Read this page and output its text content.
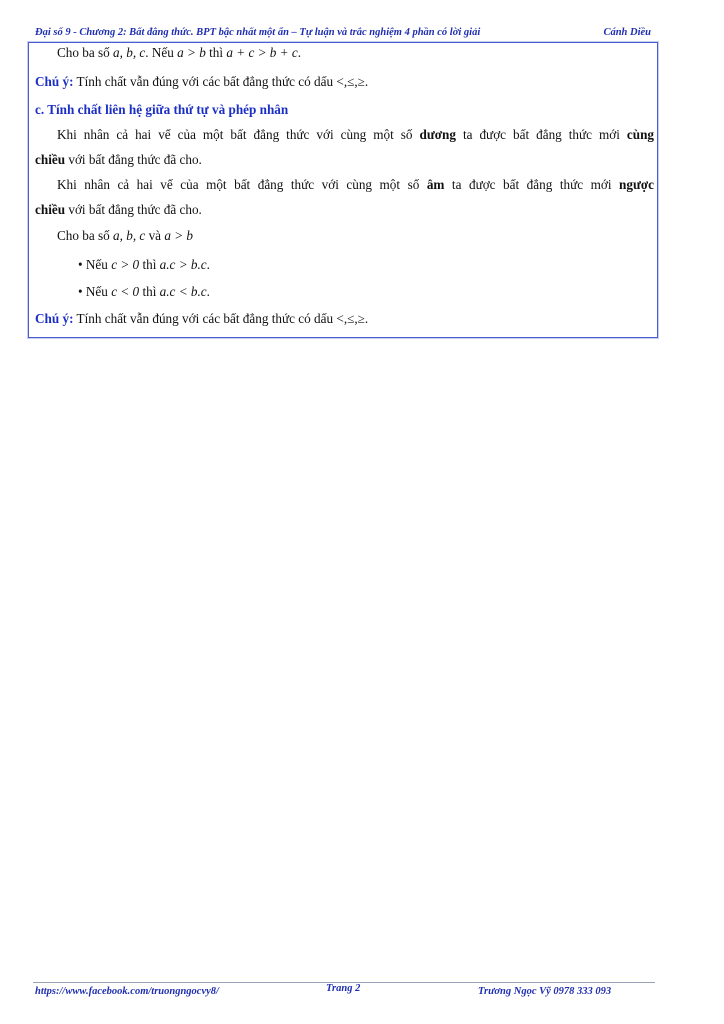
Đại số 9 - Chương 2: Bất đẳng thức. BPT bậc nhất một ẩn – Tự luận và trắc nghiệm 4 phần có lời giải	Cánh Diều
Cho ba số a, b, c. Nếu a > b thì a + c > b + c.
Chú ý: Tính chất vẫn đúng với các bất đẳng thức có dấu <,≤,≥.
c. Tính chất liên hệ giữa thứ tự và phép nhân
Khi nhân cả hai vế của một bất đẳng thức với cùng một số dương ta được bất đẳng thức mới cùng
chiều với bất đẳng thức đã cho.
Khi nhân cả hai vế của một bất đẳng thức với cùng một số âm ta được bất đẳng thức mới ngược
chiều với bất đẳng thức đã cho.
Cho ba số a, b, c và a > b
• Nếu c > 0 thì a.c > b.c.
• Nếu c < 0 thì a.c < b.c.
Chú ý: Tính chất vẫn đúng với các bất đẳng thức có dấu <,≤,≥.
https://www.facebook.com/truongngocvy8/	Trang 2	Trương Ngọc Vỹ 0978 333 093
